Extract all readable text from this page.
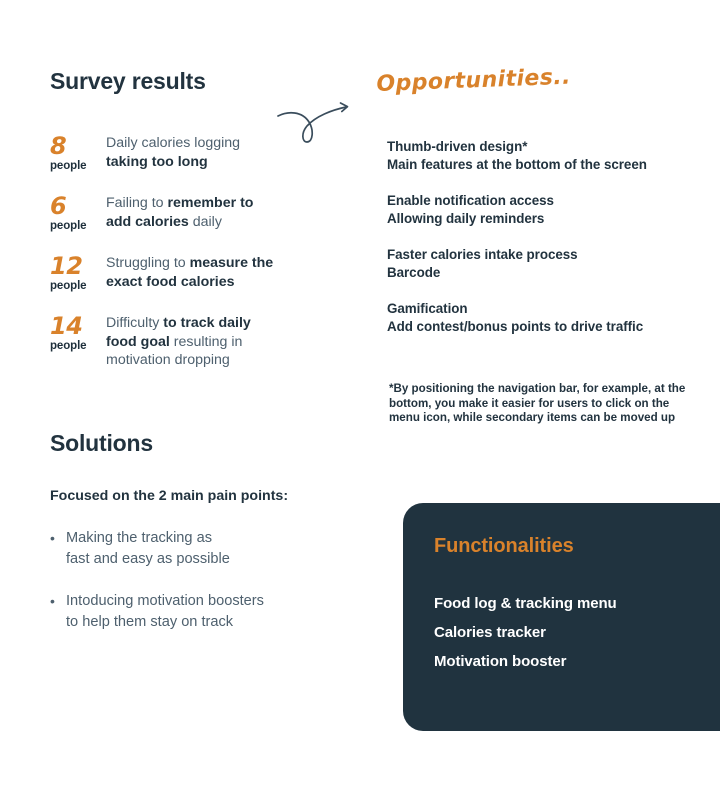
Survey results
8
people
Daily calories logging
taking too long
6
people
Failing to remember to
add calories daily
12
people
Struggling to measure the
exact food calories
14
people
Difficulty to track daily
food goal resulting in
motivation dropping
Opportunities..
Thumb-driven design*
Main features at the bottom of the screen
Enable notification access
Allowing daily reminders
Faster calories intake process
Barcode
Gamification
Add contest/bonus points to drive traffic
*By positioning the navigation bar, for example, at the bottom, you make it easier for users to click on the menu icon, while secondary items can be moved up
Solutions
Focused on the 2 main pain points:
• Making the tracking as
fast and easy as possible
• Intoducing motivation boosters
to help them stay on track
Functionalities
Food log & tracking menu
Calories tracker
Motivation booster
